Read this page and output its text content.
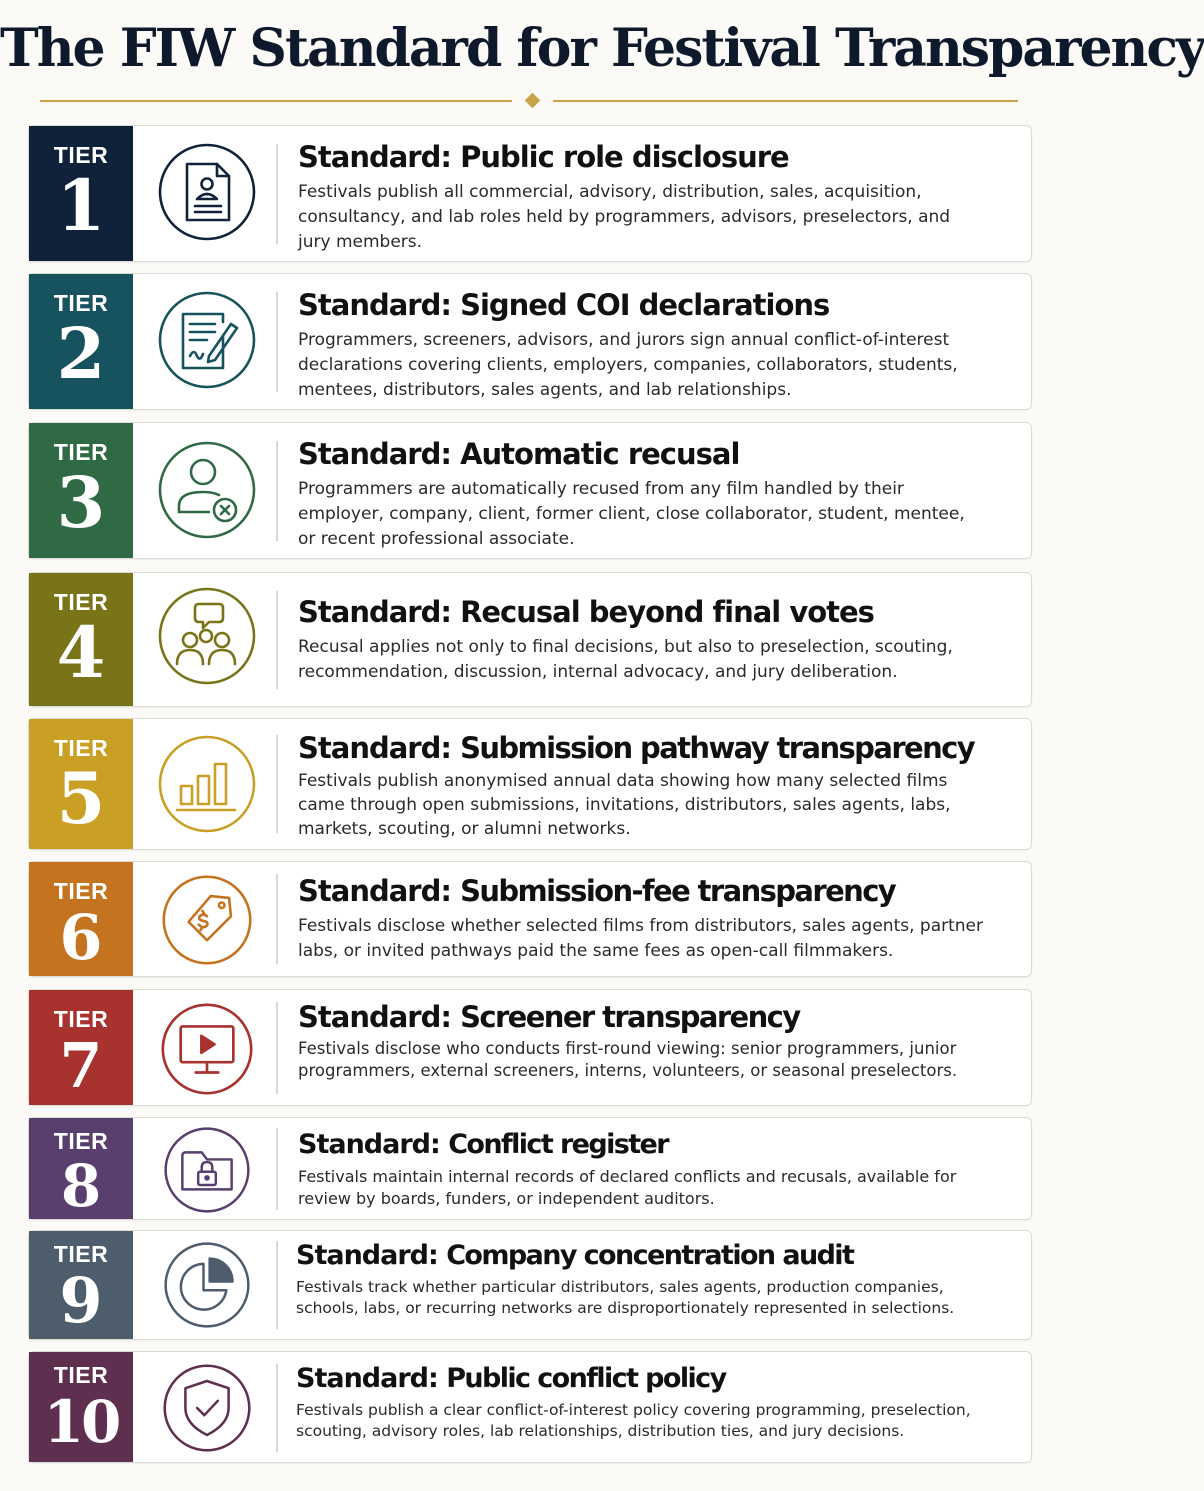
The FIW Standard for Festival Transparency
TIER
1
Standard: Public role disclosure
Festivals publish all commercial, advisory, distribution, sales, acquisition, consultancy, and lab roles held by programmers, advisors, preselectors, and jury members.
TIER
2
Standard: Signed COI declarations
Programmers, screeners, advisors, and jurors sign annual conflict-of-interest declarations covering clients, employers, companies, collaborators, students, mentees, distributors, sales agents, and lab relationships.
TIER
3
Standard: Automatic recusal
Programmers are automatically recused from any film handled by their employer, company, client, former client, close collaborator, student, mentee, or recent professional associate.
TIER
4	Standard: Recusal beyond final votes
Recusal applies not only to final decisions, but also to preselection, scouting, recommendation, discussion, internal advocacy, and jury deliberation.
TIER
5
Standard: Submission pathway transparency
Festivals publish anonymised annual data showing how many selected films came through open submissions, invitations, distributors, sales agents, labs, markets, scouting, or alumni networks.
TIER
6
Standard: Submission-fee transparency
Festivals disclose whether selected films from distributors, sales agents, partner labs, or invited pathways paid the same fees as open-call filmmakers.
TIER
7
Standard: Screener transparency
Festivals disclose who conducts first-round viewing: senior programmers, junior programmers, external screeners, interns, volunteers, or seasonal preselectors.
TIER
8
Standard: Conflict register
Festivals maintain internal records of declared conflicts and recusals, available for review by boards, funders, or independent auditors.
TIER
9
Standard: Company concentration audit
Festivals track whether particular distributors, sales agents, production companies, schools, labs, or recurring networks are disproportionately represented in selections.
TIER
10
Standard: Public conflict policy
Festivals publish a clear conflict-of-interest policy covering programming, preselection, scouting, advisory roles, lab relationships, distribution ties, and jury decisions.
